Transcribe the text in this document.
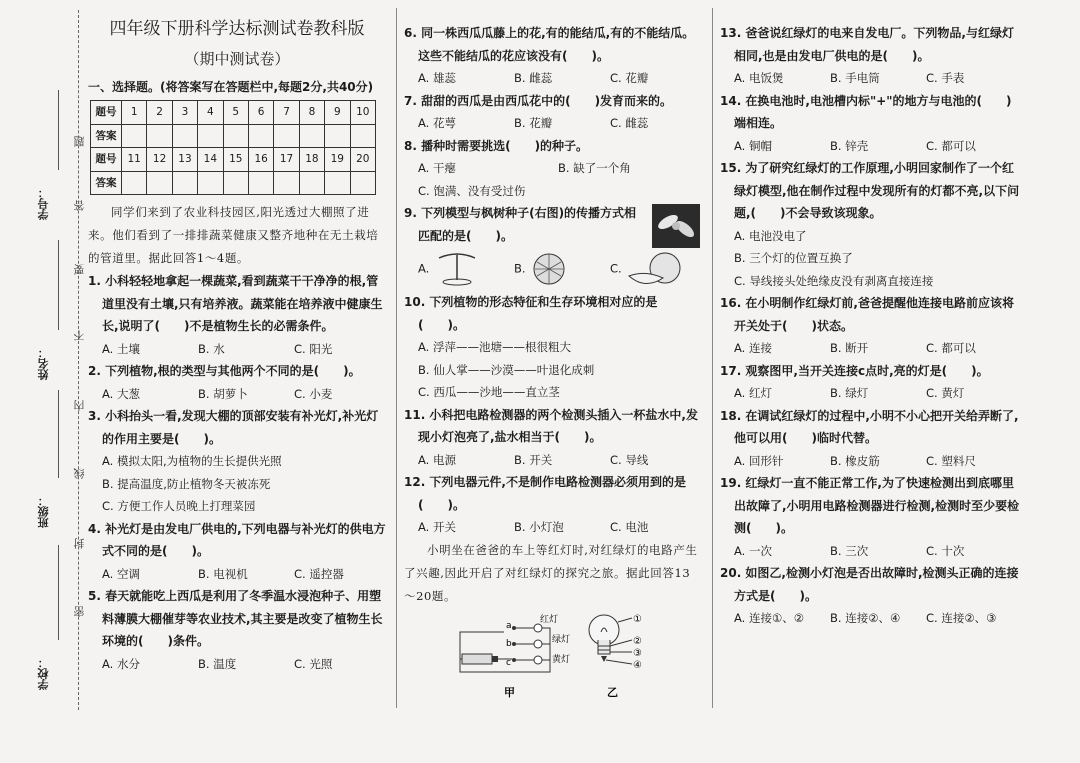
学号：
姓名：
班级：
学校：
题
答
要
不
内
线
封
密
四年级下册科学达标测试卷教科版
（期中测试卷）
一、选择题。(将答案写在答题栏中,每题2分,共40分)
题号	1	2	3	4	5	6	7	8	9	10
答案										
题号	11	12	13	14	15	16	17	18	19	20
答案										
同学们来到了农业科技园区,阳光透过大棚照了进来。他们看到了一排排蔬菜健康又整齐地种在无土栽培的管道里。据此回答1～4题。
1. 小科轻轻地拿起一棵蔬菜,看到蔬菜干干净净的根,管道里没有土壤,只有培养液。蔬菜能在培养液中健康生长,说明了(　　)不是植物生长的必需条件。
A. 土壤	B. 水	C. 阳光
2. 下列植物,根的类型与其他两个不同的是(　　)。
A. 大葱	B. 胡萝卜	C. 小麦
3. 小科抬头一看,发现大棚的顶部安装有补光灯,补光灯的作用主要是(　　)。
A. 模拟太阳,为植物的生长提供光照
B. 提高温度,防止植物冬天被冻死
C. 方便工作人员晚上打理菜园
4. 补光灯是由发电厂供电的,下列电器与补光灯的供电方式不同的是(　　)。
A. 空调	B. 电视机	C. 遥控器
5. 春天就能吃上西瓜是利用了冬季温水浸泡种子、用塑料薄膜大棚催芽等农业技术,其主要是改变了植物生长环境的(　　)条件。
A. 水分	B. 温度	C. 光照
6. 同一株西瓜瓜藤上的花,有的能结瓜,有的不能结瓜。这些不能结瓜的花应该没有(　　)。
A. 雄蕊	B. 雌蕊	C. 花瓣
7. 甜甜的西瓜是由西瓜花中的(　　)发育而来的。
A. 花萼	B. 花瓣	C. 雌蕊
8. 播种时需要挑选(　　)的种子。
A. 干瘪	B. 缺了一个角
C. 饱满、没有受过伤
9. 下列模型与枫树种子(右图)的传播方式相匹配的是(　　)。
A.	B.	C.
10. 下列植物的形态特征和生存环境相对应的是(　　)。
A. 浮萍——池塘——根很粗大
B. 仙人掌——沙漠——叶退化成刺
C. 西瓜——沙地——直立茎
11. 小科把电路检测器的两个检测头插入一杯盐水中,发现小灯泡亮了,盐水相当于(　　)。
A. 电源	B. 开关	C. 导线
12. 下列电器元件,不是制作电路检测器必须用到的是(　　)。
A. 开关	B. 小灯泡	C. 电池
小明坐在爸爸的车上等红灯时,对红绿灯的电路产生了兴趣,因此开启了对红绿灯的探究之旅。据此回答13～20题。
a
b
c
红灯
绿灯
黄灯
甲
①
②
③
④
乙
13. 爸爸说红绿灯的电来自发电厂。下列物品,与红绿灯相同,也是由发电厂供电的是(　　)。
A. 电饭煲	B. 手电筒	C. 手表
14. 在换电池时,电池槽内标"+"的地方与电池的(　　)端相连。
A. 铜帽	B. 锌壳	C. 都可以
15. 为了研究红绿灯的工作原理,小明回家制作了一个红绿灯模型,他在制作过程中发现所有的灯都不亮,以下问题,(　　)不会导致该现象。
A. 电池没电了
B. 三个灯的位置互换了
C. 导线接头处绝缘皮没有剥离直接连接
16. 在小明制作红绿灯前,爸爸提醒他连接电路前应该将开关处于(　　)状态。
A. 连接	B. 断开	C. 都可以
17. 观察图甲,当开关连接c点时,亮的灯是(　　)。
A. 红灯	B. 绿灯	C. 黄灯
18. 在调试红绿灯的过程中,小明不小心把开关给弄断了,他可以用(　　)临时代替。
A. 回形针	B. 橡皮筋	C. 塑料尺
19. 红绿灯一直不能正常工作,为了快速检测出到底哪里出故障了,小明用电路检测器进行检测,检测时至少要检测(　　)。
A. 一次	B. 三次	C. 十次
20. 如图乙,检测小灯泡是否出故障时,检测头正确的连接方式是(　　)。
A. 连接①、②	B. 连接②、④	C. 连接②、③
